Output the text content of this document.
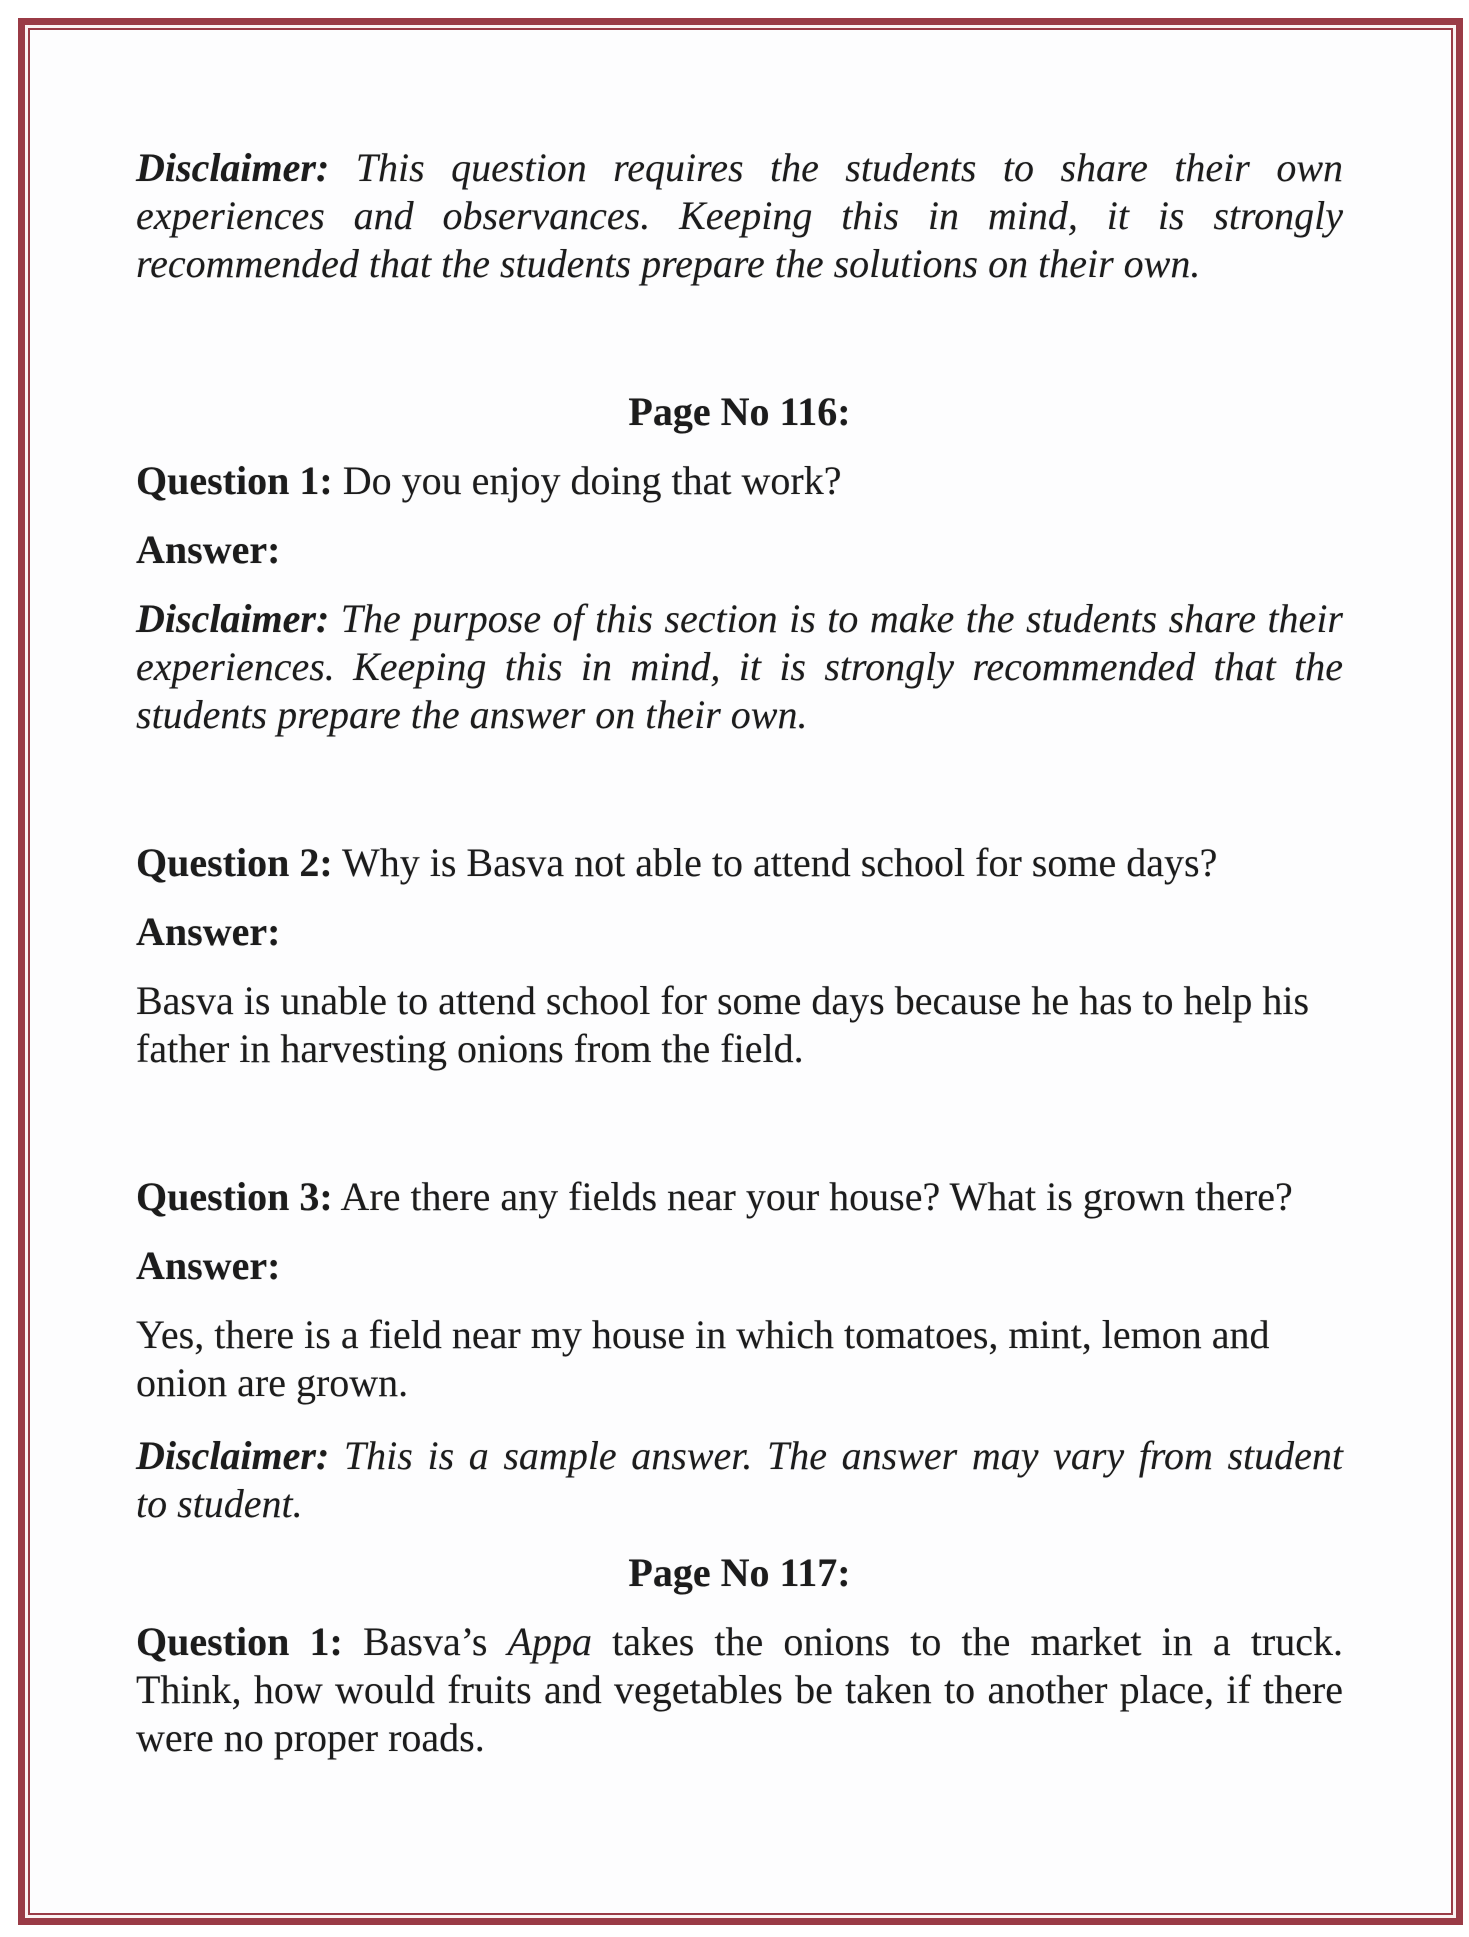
Disclaimer: This question requires the students to share their own
experiences and observances. Keeping this in mind, it is strongly
recommended that the students prepare the solutions on their own.
Page No 116:
Question 1: Do you enjoy doing that work?
Answer:
Disclaimer: The purpose of this section is to make the students share their
experiences. Keeping this in mind, it is strongly recommended that the
students prepare the answer on their own.
Question 2: Why is Basva not able to attend school for some days?
Answer:
Basva is unable to attend school for some days because he has to help his
father in harvesting onions from the field.
Question 3: Are there any fields near your house? What is grown there?
Answer:
Yes, there is a field near my house in which tomatoes, mint, lemon and
onion are grown.
Disclaimer: This is a sample answer. The answer may vary from student
to student.
Page No 117:
Question 1: Basva’s Appa takes the onions to the market in a truck.
Think, how would fruits and vegetables be taken to another place, if there
were no proper roads.
